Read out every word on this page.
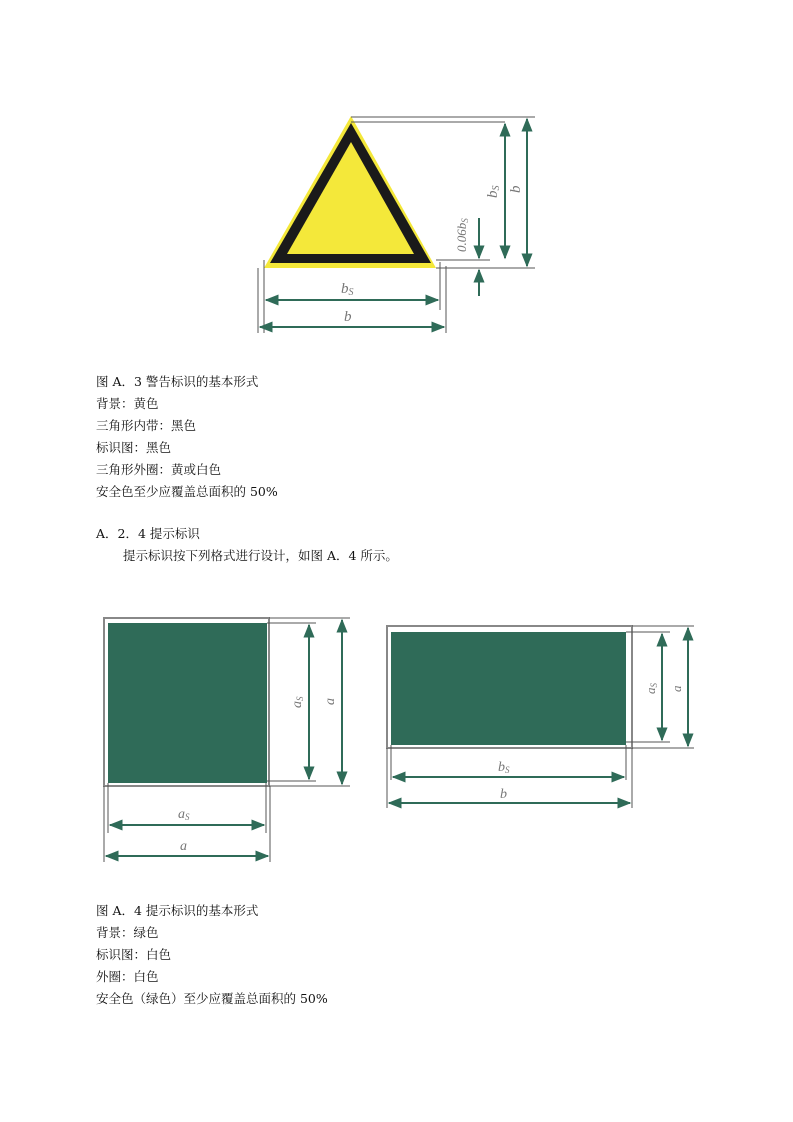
bS
b
bS b
0.06bS
图 A．3 警告标识的基本形式
背景：黄色
三角形内带：黑色
标识图：黑色
三角形外圈：黄或白色
安全色至少应覆盖总面积的 50%
A．2．4 提示标识
提示标识按下列格式进行设计，如图 A．4 所示。
aS a
aS
a
aS
a
bS
b
图 A．4 提示标识的基本形式
背景：绿色
标识图：白色
外圈：白色
安全色（绿色）至少应覆盖总面积的 50%
